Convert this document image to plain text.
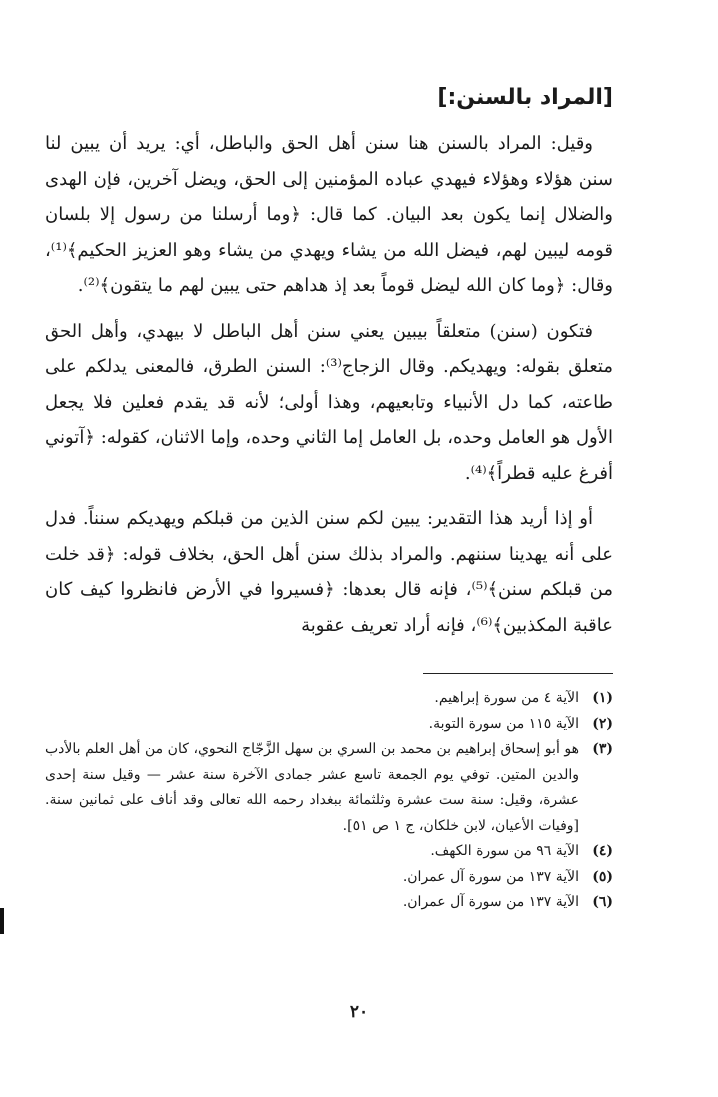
[المراد بالسنن:]

وقيل: المراد بالسنن هنا سنن أهل الحق والباطل، أي: يريد أن يبين لنا سنن هؤلاء وهؤلاء فيهدي عباده المؤمنين إلى الحق، ويضل آخرين، فإن الهدى والضلال إنما يكون بعد البيان. كما قال: ﴿وما أرسلنا من رسول إلا بلسان قومه ليبين لهم، فيضل الله من يشاء ويهدي من يشاء وهو العزيز الحكيم﴾⁽¹⁾، وقال: ﴿وما كان الله ليضل قوماً بعد إذ هداهم حتى يبين لهم ما يتقون﴾⁽²⁾.

فتكون (سنن) متعلقاً بيبين يعني سنن أهل الباطل لا بيهدي، وأهل الحق متعلق بقوله: ويهديكم. وقال الزجاج⁽³⁾: السنن الطرق، فالمعنى يدلكم على طاعته، كما دل الأنبياء وتابعيهم، وهذا أولى؛ لأنه قد يقدم فعلين فلا يجعل الأول هو العامل وحده، بل العامل إما الثاني وحده، وإما الاثنان، كقوله: ﴿آتوني أفرغ عليه قطراً﴾⁽⁴⁾.

أو إذا أريد هذا التقدير: يبين لكم سنن الذين من قبلكم ويهديكم سنناً. فدل على أنه يهدينا سننهم. والمراد بذلك سنن أهل الحق، بخلاف قوله: ﴿قد خلت من قبلكم سنن﴾⁽⁵⁾، فإنه قال بعدها: ﴿فسيروا في الأرض فانظروا كيف كان عاقبة المكذبين﴾⁽⁶⁾، فإنه أراد تعريف عقوبة

(١)
الآية ٤ من سورة إبراهيم.
(٢)
الآية ١١٥ من سورة التوبة.
(٣)
هو أبو إسحاق إبراهيم بن محمد بن السري بن سهل الزَّجّاج النحوي، كان من أهل العلم بالأدب والدين المتين. توفي يوم الجمعة تاسع عشر جمادى الآخرة سنة عشر — وقيل سنة إحدى عشرة، وقيل: سنة ست عشرة وثلثمائة ببغداد رحمه الله تعالى وقد أناف على ثمانين سنة. [وفيات الأعيان، لابن خلكان، ج ١ ص ٥١].
(٤)
الآية ٩٦ من سورة الكهف.
(٥)
الآية ١٣٧ من سورة آل عمران.
(٦)
الآية ١٣٧ من سورة آل عمران.
٢٠
